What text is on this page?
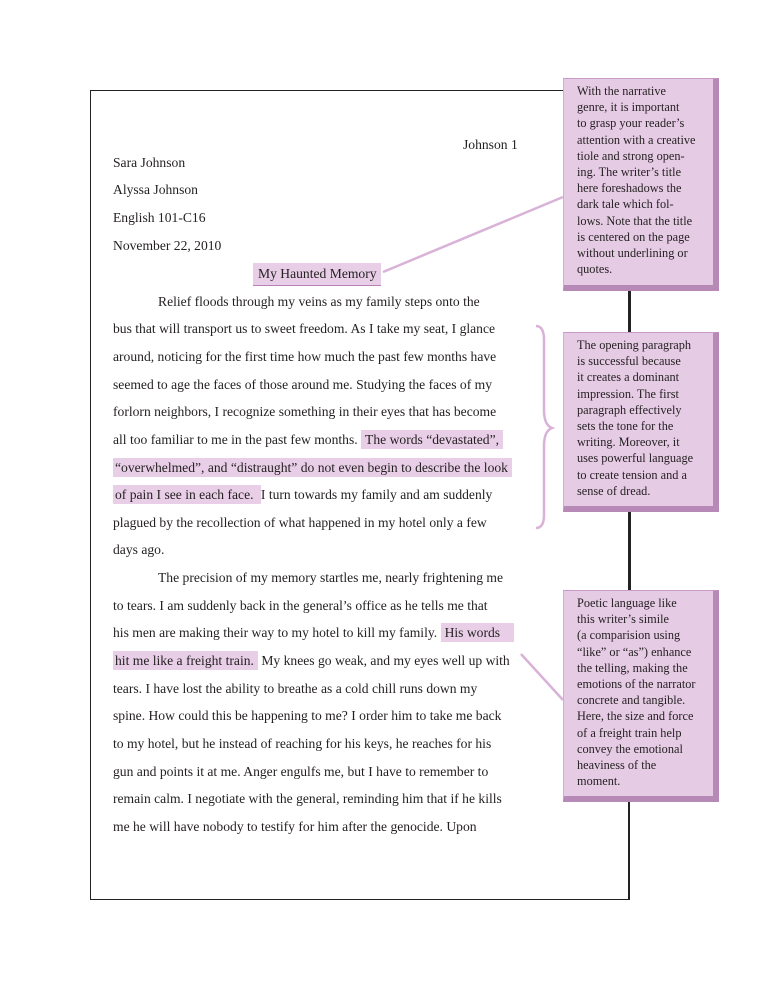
Johnson 1
Sara Johnson
Alyssa Johnson
English 101-C16
November 22, 2010
My Haunted Memory
Relief floods through my veins as my family steps onto the
bus that will transport us to sweet freedom. As I take my seat, I glance
around, noticing for the first time how much the past few months have
seemed to age the faces of those around me. Studying the faces of my
forlorn neighbors, I recognize something in their eyes that has become
all too familiar to me in the past few months. The words “devastated”,
“overwhelmed”, and “distraught” do not even begin to describe the look
of pain I see in each face. I turn towards my family and am suddenly
plagued by the recollection of what happened in my hotel only a few
days ago.
The precision of my memory startles me, nearly frightening me
to tears. I am suddenly back in the general’s office as he tells me that
his men are making their way to my hotel to kill my family. His words
hit me like a freight train. My knees go weak, and my eyes well up with
tears. I have lost the ability to breathe as a cold chill runs down my
spine. How could this be happening to me? I order him to take me back
to my hotel, but he instead of reaching for his keys, he reaches for his
gun and points it at me. Anger engulfs me, but I have to remember to
remain calm. I negotiate with the general, reminding him that if he kills
me he will have nobody to testify for him after the genocide. Upon
With the narrative
genre, it is important
to grasp your reader’s
attention with a creative
tiole and strong open-
ing. The writer’s title
here foreshadows the
dark tale which fol-
lows. Note that the title
is centered on the page
without underlining or
quotes.
The opening paragraph
is successful because
it creates a dominant
impression. The first
paragraph effectively
sets the tone for the
writing. Moreover, it
uses powerful language
to create tension and a
sense of dread.
Poetic language like
this writer’s simile
(a comparision using
“like” or “as”) enhance
the telling, making the
emotions of the narrator
concrete and tangible.
Here, the size and force
of a freight train help
convey the emotional
heaviness of the
moment.
